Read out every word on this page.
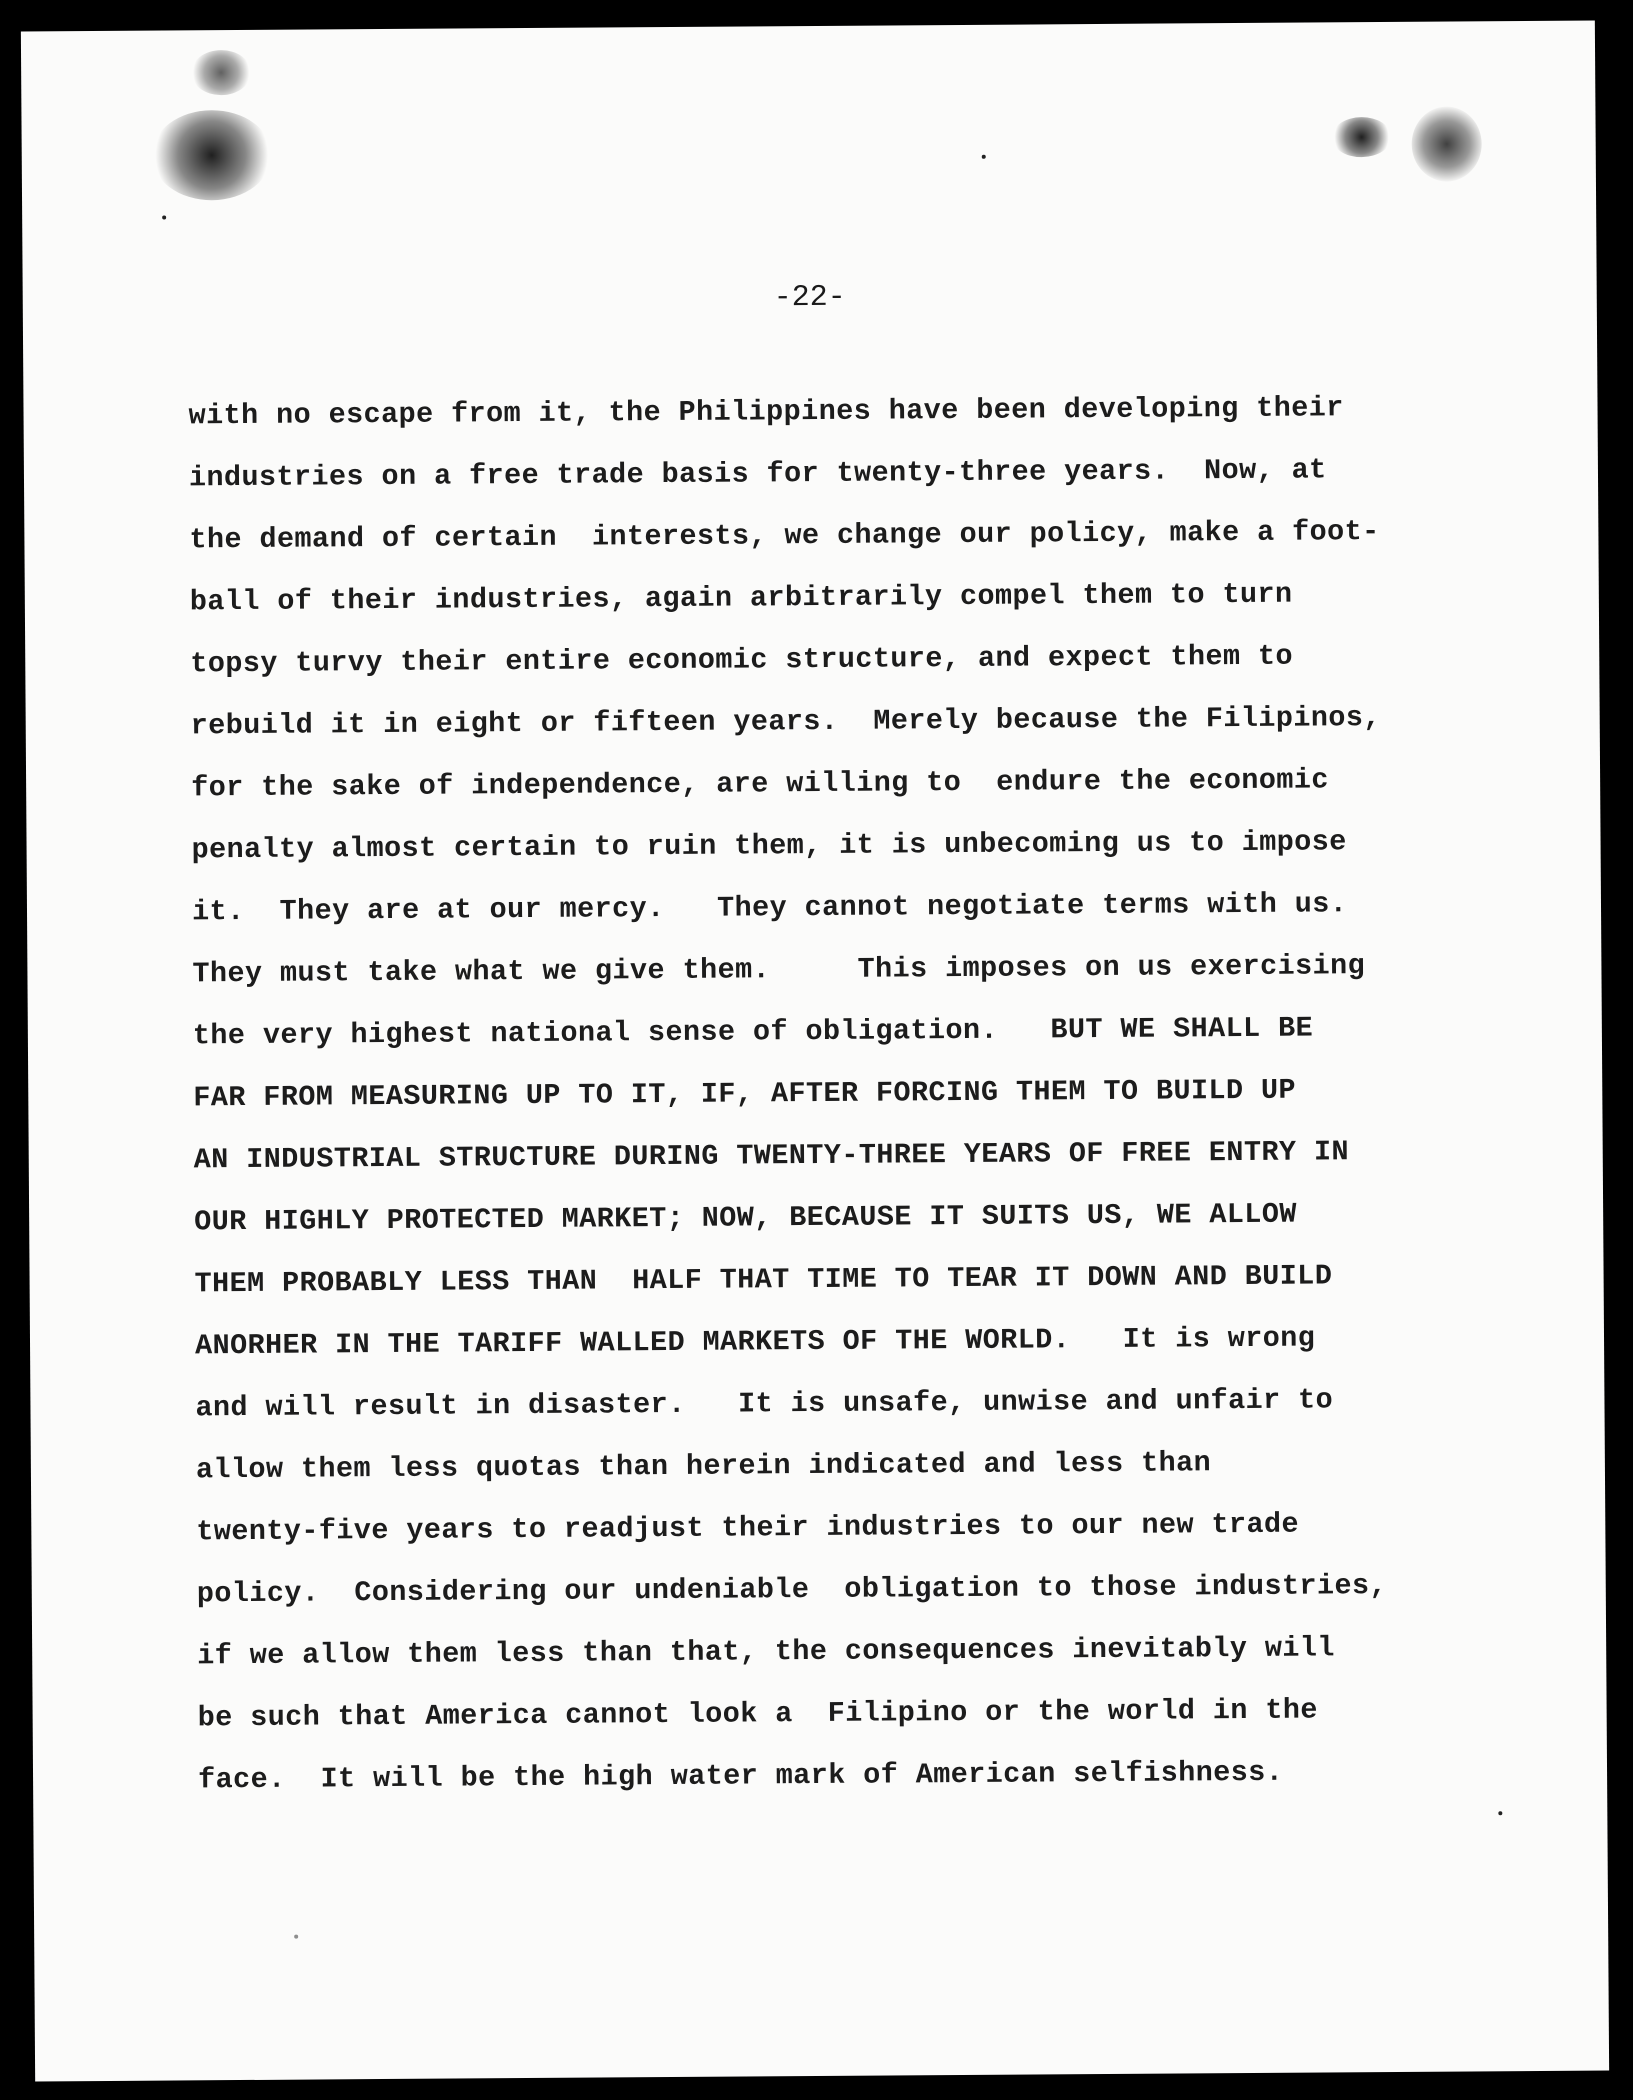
-22-
with no escape from it, the Philippines have been developing their
industries on a free trade basis for twenty-three years.  Now, at
the demand of certain  interests, we change our policy, make a foot-
ball of their industries, again arbitrarily compel them to turn
topsy turvy their entire economic structure, and expect them to
rebuild it in eight or fifteen years.  Merely because the Filipinos,
for the sake of independence, are willing to  endure the economic
penalty almost certain to ruin them, it is unbecoming us to impose
it.  They are at our mercy.   They cannot negotiate terms with us.
They must take what we give them.     This imposes on us exercising
the very highest national sense of obligation.   BUT WE SHALL BE
FAR FROM MEASURING UP TO IT, IF, AFTER FORCING THEM TO BUILD UP
AN INDUSTRIAL STRUCTURE DURING TWENTY-THREE YEARS OF FREE ENTRY IN
OUR HIGHLY PROTECTED MARKET; NOW, BECAUSE IT SUITS US, WE ALLOW
THEM PROBABLY LESS THAN  HALF THAT TIME TO TEAR IT DOWN AND BUILD
ANORHER IN THE TARIFF WALLED MARKETS OF THE WORLD.   It is wrong
and will result in disaster.   It is unsafe, unwise and unfair to
allow them less quotas than herein indicated and less than
twenty-five years to readjust their industries to our new trade
policy.  Considering our undeniable  obligation to those industries,
if we allow them less than that, the consequences inevitably will
be such that America cannot look a  Filipino or the world in the
face.  It will be the high water mark of American selfishness.
